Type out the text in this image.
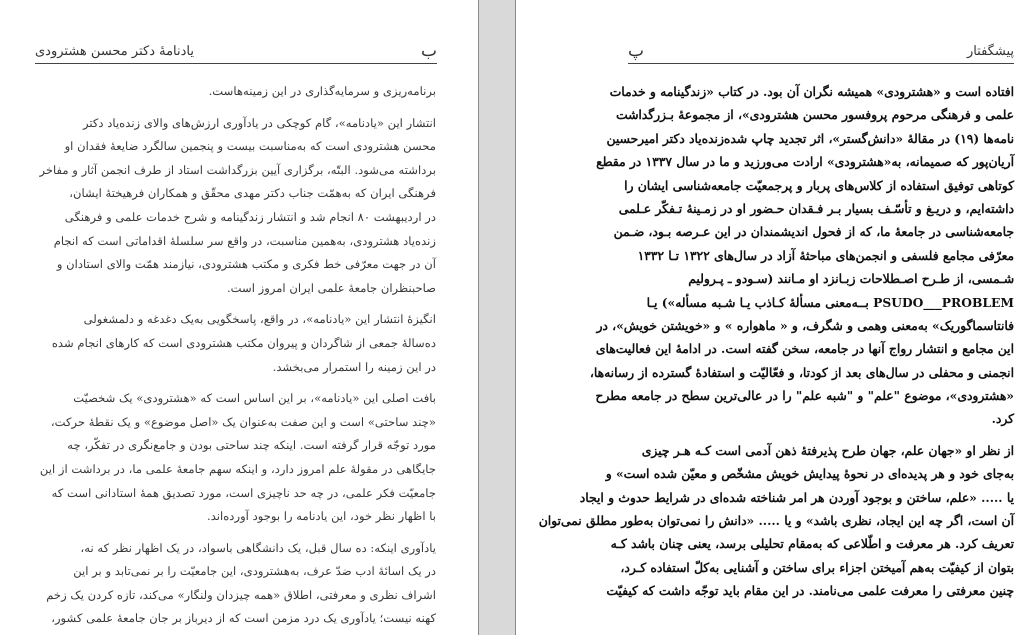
یادنامهٔ دکتر محسن هشترودی	ب
برنامه‌ریزی و سرمایه‌گذاری در این زمینه‌هاست.
انتشار این «یادنامه»، گام کوچکی در یادآوری ارزش‌های والای زنده‌یاد دکتر
محسن هشترودی است که به‌مناسبت بیست و پنجمین سالگرد ضایعهٔ فقدان او
برداشته می‌شود. البتّه، برگزاری آیین بزرگداشت استاد از طرف انجمن آثار و مفاخر
فرهنگی ایران که به‌همّت جناب دکتر مهدی محقّق و همکاران فرهیختهٔ ایشان،
در اردیبهشت ۸۰ انجام شد و انتشار زندگینامه و شرح خدمات علمی و فرهنگی
زنده‌یاد هشترودی، به‌همین مناسبت، در واقع سر سلسلهٔ اقداماتی است که انجام
آن در جهت معرّفی خط فکری و مکتب هشترودی، نیازمند همّت والای استادان و
صاحبنظران جامعهٔ علمی ایران امروز است.
انگیزهٔ انتشار این «یادنامه»، در واقع، پاسخگویی به‌یک دغدغه و دلمشغولی
ده‌سالهٔ جمعی از شاگردان و پیروان مکتب هشترودی است که کارهای انجام شده
در این زمینه را استمرار می‌بخشد.
بافت اصلی این «یادنامه»، بر این اساس است که «هشترودی» یک شخصیّت
«چند ساحتی» است و این صفت به‌عنوان یک «اصل موضوع» و یک نقطهٔ حرکت،
مورد توجّه قرار گرفته است. اینکه چند ساحتی بودن و جامع‌نگری در تفکّر، چه
جایگاهی در مقولهٔ علم امروز دارد، و اینکه سهم جامعهٔ علمی ما، در برداشت از این
جامعیّت فکر علمی، در چه حد ناچیزی است، مورد تصدیق همهٔ استادانی است که
با اظهار نظر خود، این یادنامه را بوجود آورده‌اند.
یادآوری اینکه: ده سال قبل، یک دانشگاهی باسواد، در یک اظهار نظر که نه،
در یک اسائهٔ ادب ضدّ عرف، به‌هشترودی، این جامعیّت را بر نمی‌تابد و بر این
اشراف نظری و معرفتی، اطلاق «همه چیزدان ولنگار» می‌کند، تازه کردن یک زخم
کهنه نیست؛ یادآوری یک درد مزمن است که از دیرباز بر جان جامعهٔ علمی کشور،
پ	پیشگفتار
افتاده است و «هشترودی» همیشه نگران آن بود. در کتاب «زندگینامه و خدمات
علمی و فرهنگی مرحوم پروفسور محسن هشترودی»، از مجموعهٔ بـزرگداشت
نامه‌ها (۱۹) در مقالهٔ «دانش‌گستر»، اثر تجدید چاپ شده‌زنده‌یاد دکتر امیرحسین
آریان‌پور که صمیمانه، به«هشترودی» ارادت می‌ورزید و ما در سال ۱۳۳۷ در مقطع
کوتاهی توفیق استفاده از کلاس‌های پربار و پرجمعیّت جامعه‌شناسی ایشان را
داشته‌ایم، و دریـغ و تأسّـف بسیار بـر فـقدان حـضور او در زمـینهٔ تـفکّر عـلمی
جامعه‌شناسی در جامعهٔ ما، که از فحول اندیشمندان در این عـرصه بـود، ضـمن
معرّفی مجامع فلسفی و انجمن‌های مباحثهٔ آزاد در سال‌های ۱۳۲۲ تـا ۱۳۳۲
شـمسی، از طـرح اصـطلاحات زبـانزد او مـانند (سـودو ـ پـرولیم
PSUDO___PROBLEM بــه‌معنی مسألهٔ کـاذب یـا شـبه مسأله») یـا
فانتاسماگوریک» به‌معنی وهمی و شگرف، و « ماهواره » و «خویشتن خویش»، در
این مجامع و انتشار رواج آنها در جامعه، سخن گفته است. در ادامهٔ این فعالیت‌های
انجمنی و محفلی در سال‌های بعد از کودتا، و فعّالیّت و استفادهٔ گسترده از رسانه‌ها،
«هشترودی»، موضوع "علم" و "شبه علم" را در عالی‌ترین سطح در جامعه مطرح
کرد.
از نظر او «جهان علم، جهان طرح پذیرفتهٔ ذهن آدمی است کـه هـر چیزی
به‌جای خود و هر پدیده‌ای در نحوهٔ پیدایش خویش مشخّص و معیّن شده است» و
یا ..... «علم، ساختن و بوجود آوردن هر امر شناخته شده‌ای در شرایط حدوث و ایجاد
آن است، اگر چه این ایجاد، نظری باشد» و یا ..... «دانش را نمی‌توان به‌طور مطلق نمی‌توان
تعریف کرد. هر معرفت و اطّلاعی که به‌مقام تحلیلی برسد، یعنی چنان باشد کـه
بتوان از کیفیّت به‌هم آمیختن اجزاء برای ساختن و آشنایی به‌کلّ استفاده کـرد،
چنین معرفتی را معرفت علمی می‌نامند. در این مقام باید توجّه داشت که کیفیّت
